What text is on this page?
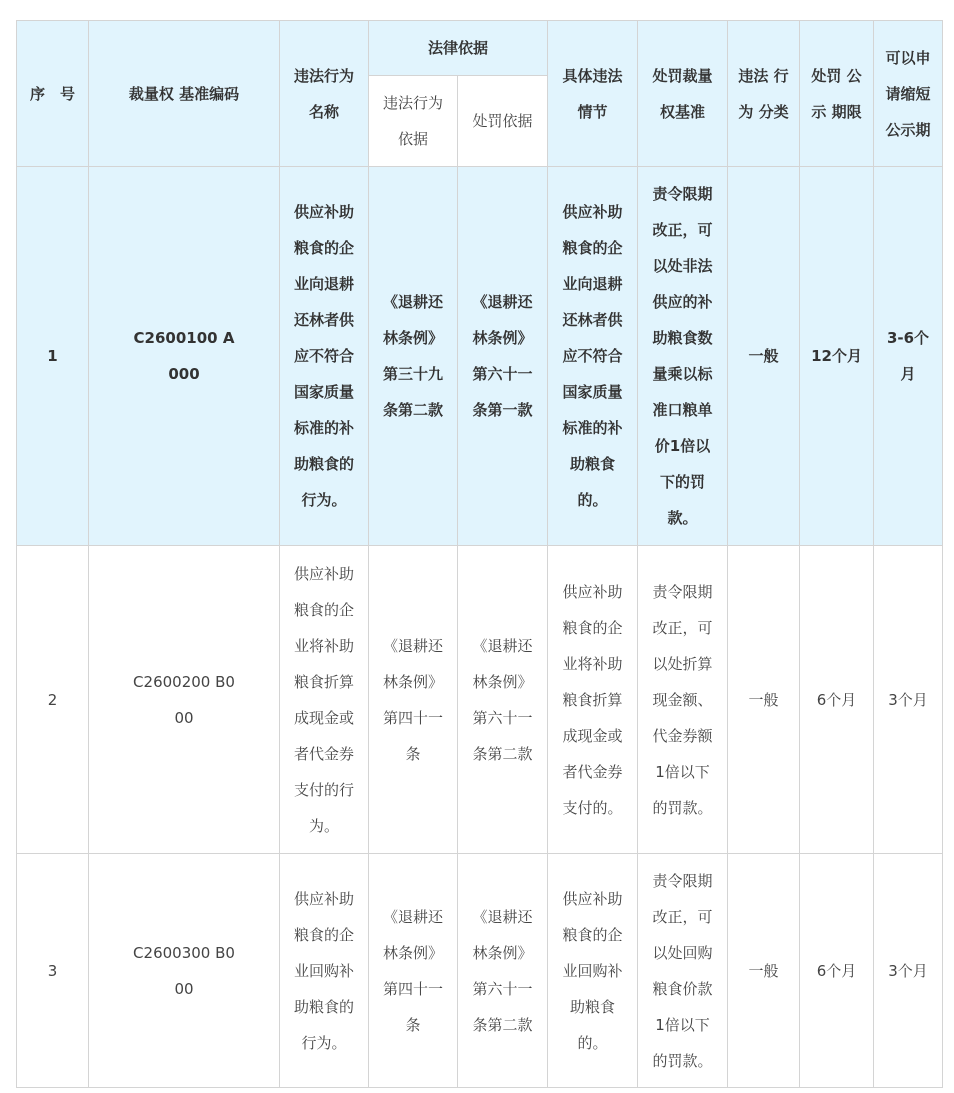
序　号	裁量权 基准编码	违法行为 名称	法律依据		具体违法 情节	处罚裁量 权基准	违法 行为 分类	处罚 公示 期限	可以申 请缩短 公示期
			违法行为 依据	处罚依据					
1	C2600100 A000	供应补助粮食的企业向退耕还林者供应不符合国家质量标准的补助粮食的行为。	《退耕还林条例》第三十九条第二款	《退耕还林条例》第六十一条第一款	供应补助粮食的企业向退耕还林者供应不符合国家质量标准的补助粮食的。	责令限期改正，可以处非法供应的补助粮食数量乘以标准口粮单价1倍以下的罚款。	一般	12个月	3-6个月
2	C2600200 B000	供应补助粮食的企业将补助粮食折算成现金或者代金券支付的行为。	《退耕还林条例》第四十一条	《退耕还林条例》第六十一条第二款	供应补助粮食的企业将补助粮食折算成现金或者代金券支付的。	责令限期改正，可以处折算现金额、代金券额1倍以下的罚款。	一般	6个月	3个月
3	C2600300 B000	供应补助粮食的企业回购补助粮食的行为。	《退耕还林条例》第四十一条	《退耕还林条例》第六十一条第二款	供应补助粮食的企业回购补助粮食的。	责令限期改正，可以处回购粮食价款1倍以下的罚款。	一般	6个月	3个月
